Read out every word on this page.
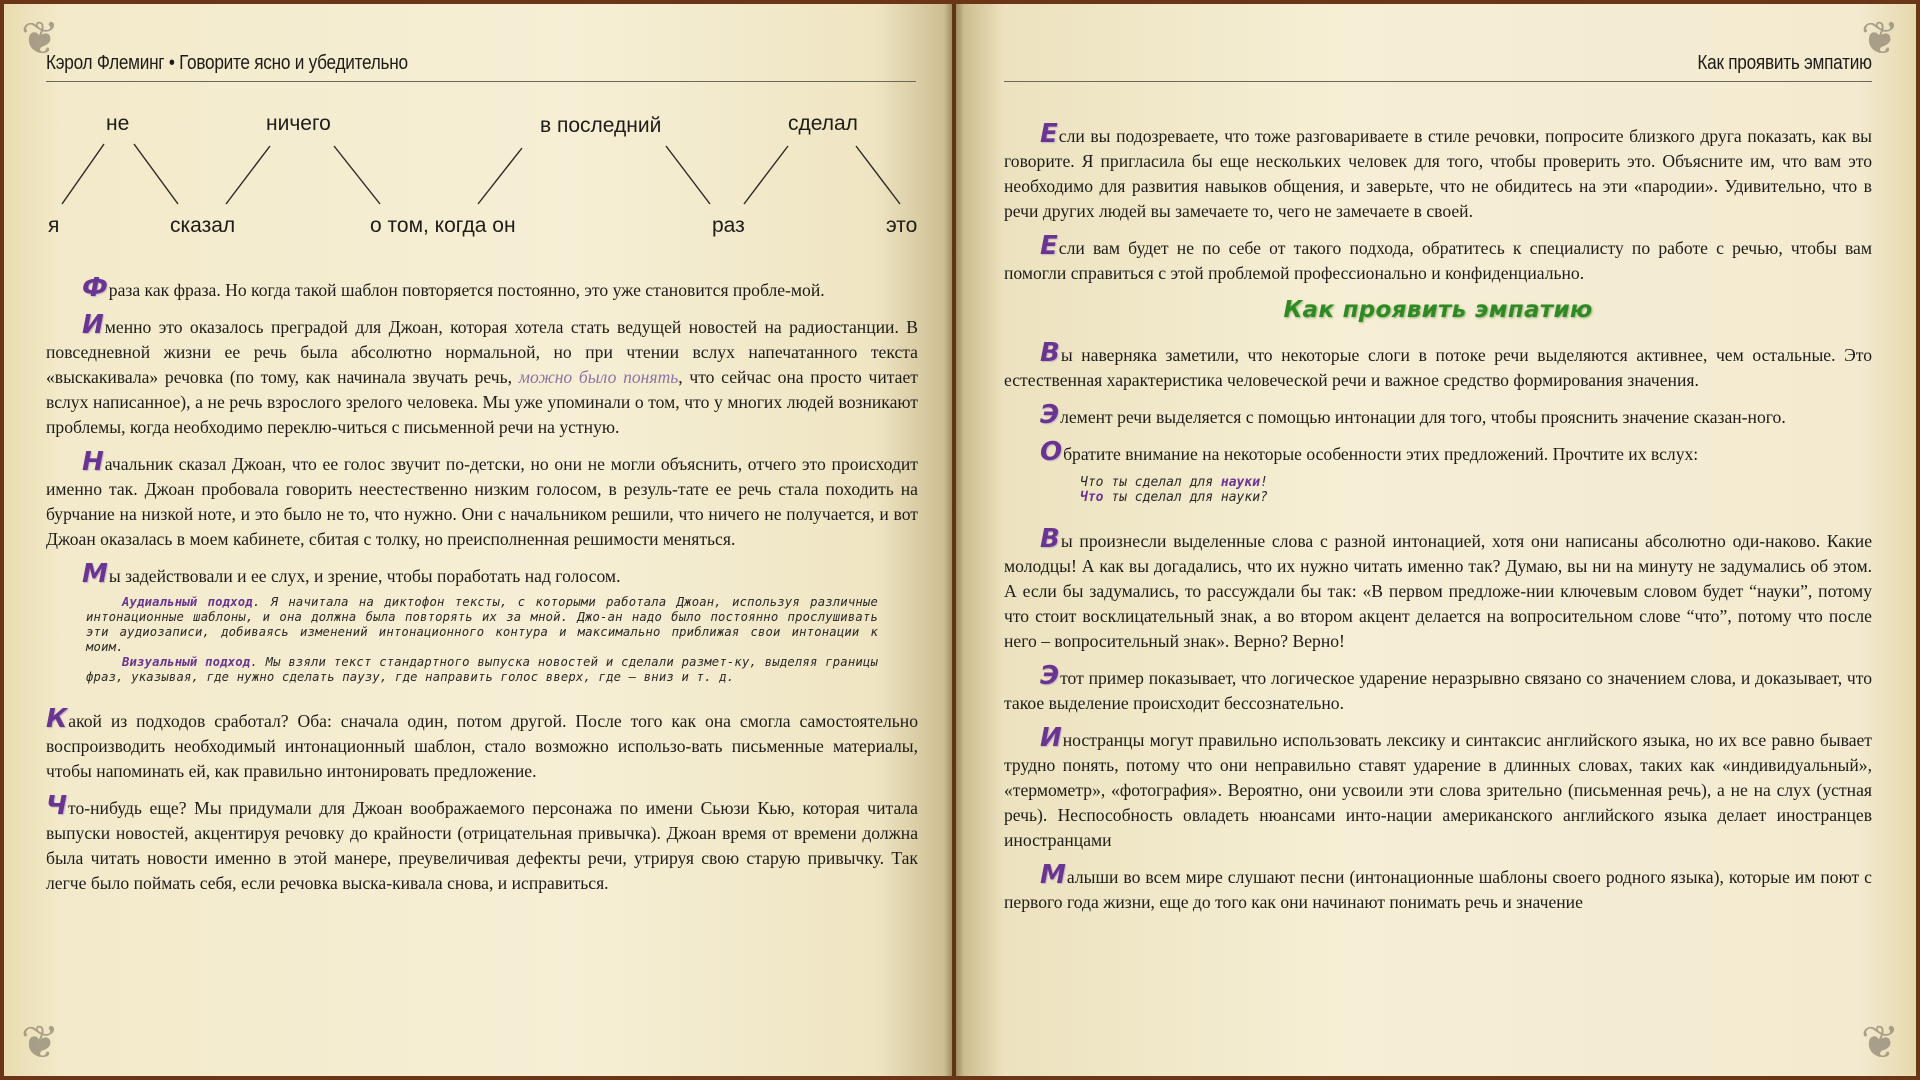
❦
❦
Кэрол Флеминг • Говорите ясно и убедительно
не	ничего	в последний	сделал
я	сказал	о том, когда он	раз	это

Фраза как фраза. Но когда такой шаблон повторяется постоянно, это уже становится пробле-мой.

Именно это оказалось преградой для Джоан, которая хотела стать ведущей новостей на радиостанции. В повседневной жизни ее речь была абсолютно нормальной, но при чтении вслух напечатанного текста «выскакивала» речовка (по тому, как начинала звучать речь, можно было понять, что сейчас она просто читает вслух написанное), а не речь взрослого зрелого человека. Мы уже упоминали о том, что у многих людей возникают проблемы, когда необходимо переклю-читься с письменной речи на устную.

Начальник сказал Джоан, что ее голос звучит по-детски, но они не могли объяснить, отчего это происходит именно так. Джоан пробовала говорить неестественно низким голосом, в резуль-тате ее речь стала походить на бурчание на низкой ноте, и это было не то, что нужно. Они с начальником решили, что ничего не получается, и вот Джоан оказалась в моем кабинете, сбитая с толку, но преисполненная решимости меняться.

Мы задействовали и ее слух, и зрение, чтобы поработать над голосом.

Аудиальный подход. Я начитала на диктофон тексты, с которыми работала Джоан, используя различные интонационные шаблоны, и она должна была повторять их за мной. Джо-ан надо было постоянно прослушивать эти аудиозаписи, добиваясь изменений интонационного контура и максимально приближая свои интонации к моим.

Визуальный подход. Мы взяли текст стандартного выпуска новостей и сделали размет-ку, выделяя границы фраз, указывая, где нужно сделать паузу, где направить голос вверх, где – вниз и т. д.

Какой из подходов сработал? Оба: сначала один, потом другой. После того как она смогла самостоятельно воспроизводить необходимый интонационный шаблон, стало возможно использо-вать письменные материалы, чтобы напоминать ей, как правильно интонировать предложение.

Что-нибудь еще? Мы придумали для Джоан воображаемого персонажа по имени Сьюзи Кью, которая читала выпуски новостей, акцентируя речовку до крайности (отрицательная привычка). Джоан время от времени должна была читать новости именно в этой манере, преувеличивая дефекты речи, утрируя свою старую привычку. Так легче было поймать себя, если речовка выска-кивала снова, и исправиться.

❦
❦
Как проявить эмпатию

Если вы подозреваете, что тоже разговариваете в стиле речовки, попросите близкого друга показать, как вы говорите. Я пригласила бы еще нескольких человек для того, чтобы проверить это. Объясните им, что вам это необходимо для развития навыков общения, и заверьте, что не обидитесь на эти «пародии». Удивительно, что в речи других людей вы замечаете то, чего не замечаете в своей.

Если вам будет не по себе от такого подхода, обратитесь к специалисту по работе с речью, чтобы вам помогли справиться с этой проблемой профессионально и конфиденциально.

Как проявить эмпатию

Вы наверняка заметили, что некоторые слоги в потоке речи выделяются активнее, чем остальные. Это естественная характеристика человеческой речи и важное средство формирования значения.

Элемент речи выделяется с помощью интонации для того, чтобы прояснить значение сказан-ного.

Обратите внимание на некоторые особенности этих предложений. Прочтите их вслух:

Что ты сделал для науки!
Что ты сделал для науки?

Вы произнесли выделенные слова с разной интонацией, хотя они написаны абсолютно оди-наково. Какие молодцы! А как вы догадались, что их нужно читать именно так? Думаю, вы ни на минуту не задумались об этом. А если бы задумались, то рассуждали бы так: «В первом предложе-нии ключевым словом будет “науки”, потому что стоит восклицательный знак, а во втором акцент делается на вопросительном слове “что”, потому что после него – вопросительный знак». Верно? Верно!

Этот пример показывает, что логическое ударение неразрывно связано со значением слова, и доказывает, что такое выделение происходит бессознательно.

Иностранцы могут правильно использовать лексику и синтаксис английского языка, но их все равно бывает трудно понять, потому что они неправильно ставят ударение в длинных словах, таких как «индивидуальный», «термометр», «фотография». Вероятно, они усвоили эти слова зрительно (письменная речь), а не на слух (устная речь). Неспособность овладеть нюансами инто-нации американского английского языка делает иностранцев иностранцами

Малыши во всем мире слушают песни (интонационные шаблоны своего родного языка), которые им поют с первого года жизни, еще до того как они начинают понимать речь и значение
